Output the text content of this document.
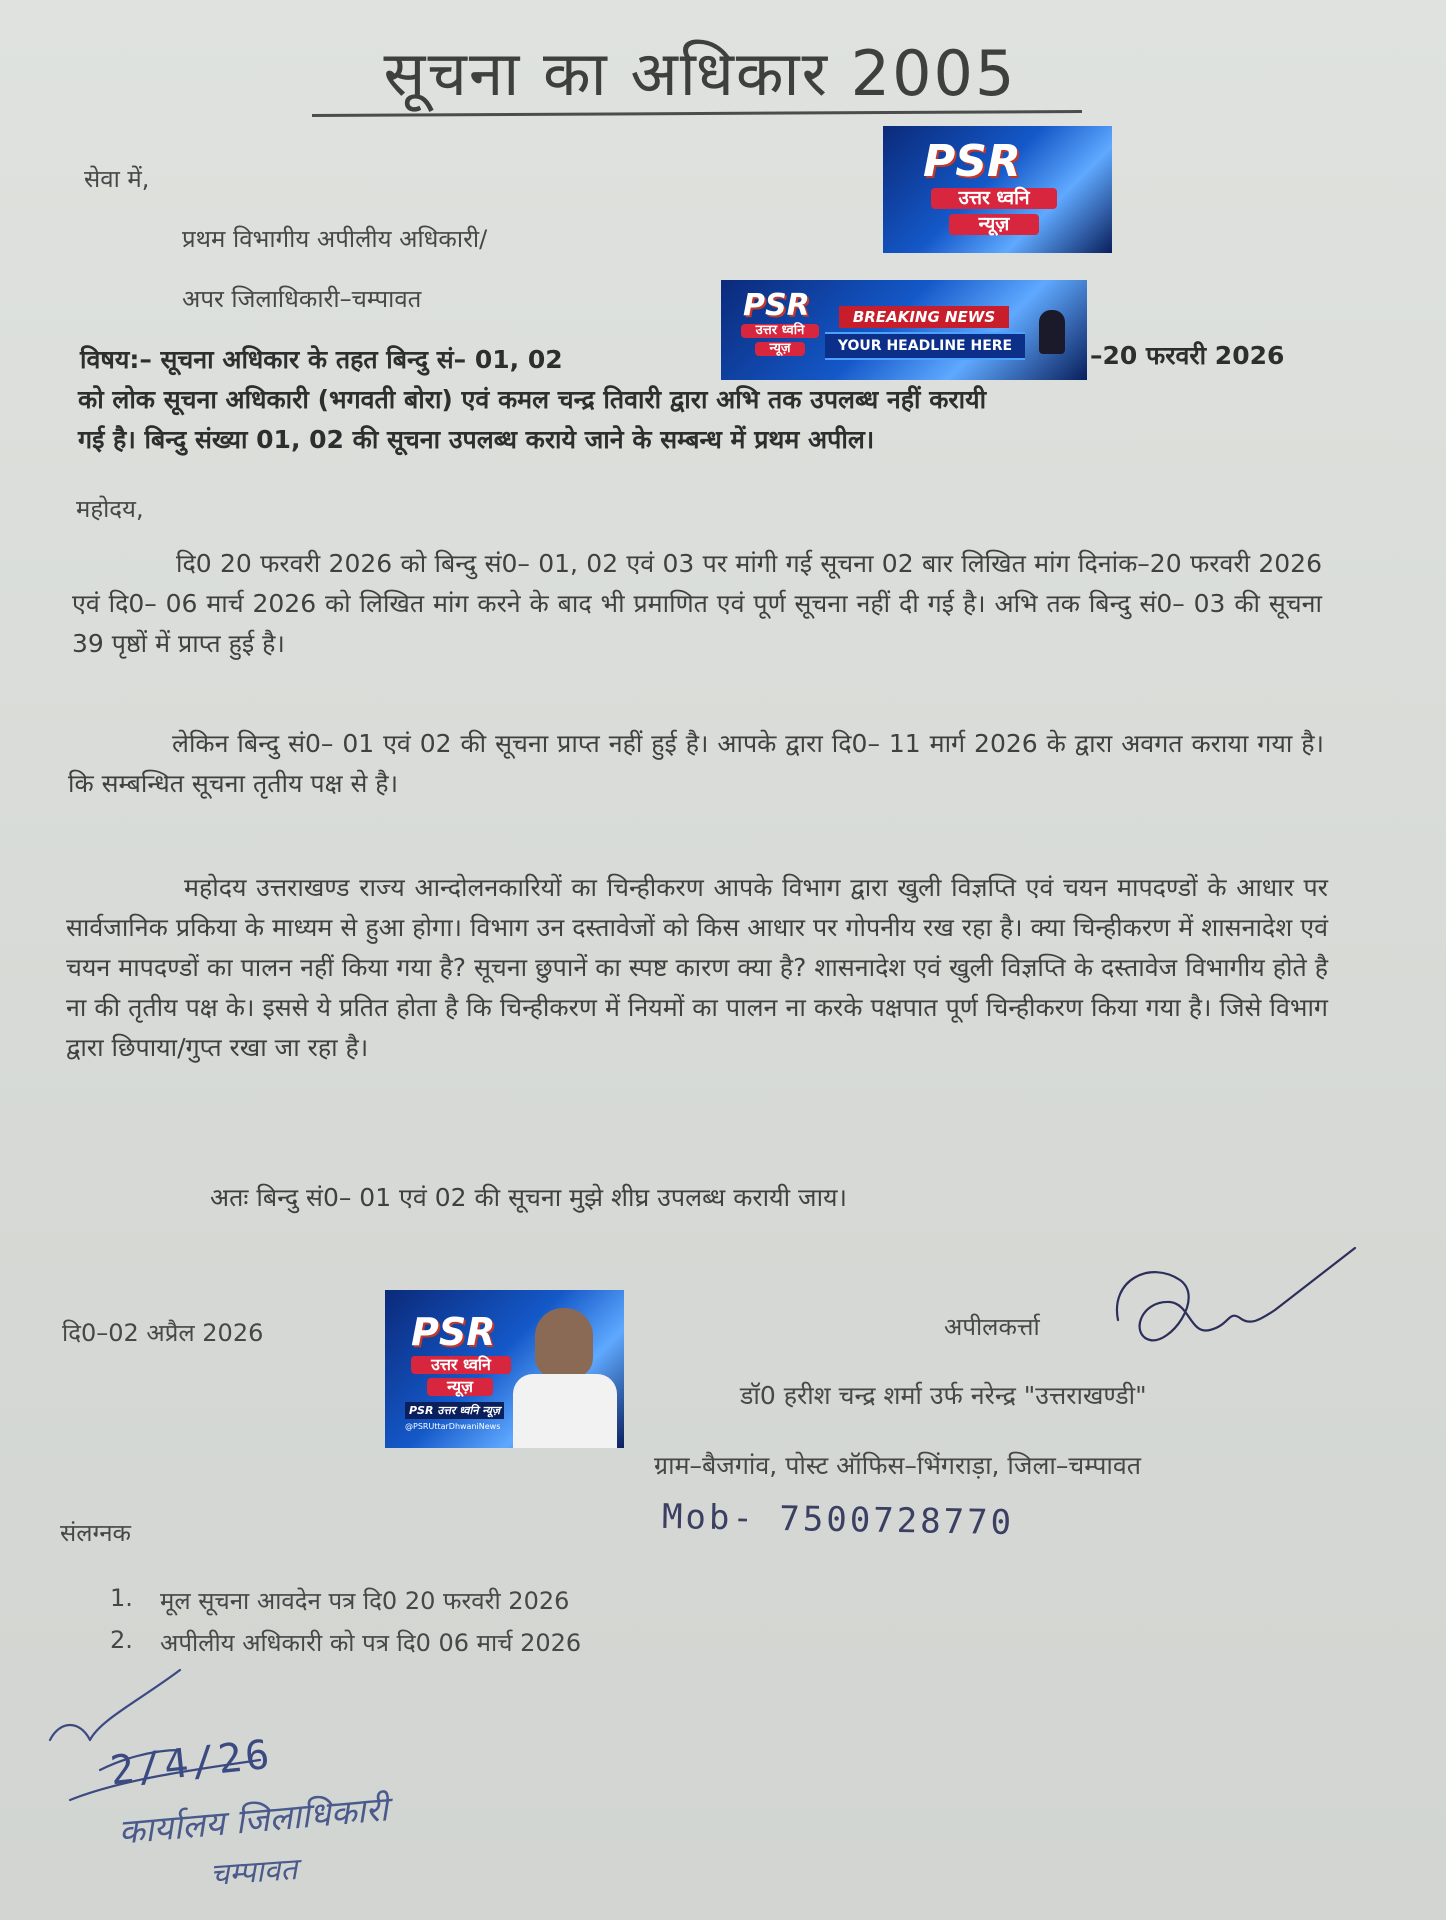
सूचना का अधिकार 2005
सेवा में,
प्रथम विभागीय अपीलीय अधिकारी/
अपर जिलाधिकारी–चम्पावत
PSR
उत्तर ध्वनि
न्यूज़
PSR
उत्तर ध्वनि
न्यूज़
BREAKING NEWS
YOUR HEADLINE HERE
विषय:– सूचना अधिकार के तहत बिन्दु सं– 01, 02	–20 फरवरी 2026
को लोक सूचना अधिकारी (भगवती बोरा) एवं कमल चन्द्र तिवारी द्वारा अभि तक उपलब्ध नहीं करायी
गई है। बिन्दु संख्या 01, 02 की सूचना उपलब्ध कराये जाने के सम्बन्ध में प्रथम अपील।
महोदय,
दि0 20 फरवरी 2026 को बिन्दु सं0– 01, 02 एवं 03 पर मांगी गई सूचना 02 बार लिखित मांग दिनांक–20 फरवरी 2026 एवं दि0– 06 मार्च 2026 को लिखित मांग करने के बाद भी प्रमाणित एवं पूर्ण सूचना नहीं दी गई है। अभि तक बिन्दु सं0– 03 की सूचना 39 पृष्ठों में प्राप्त हुई है।
लेकिन बिन्दु सं0– 01 एवं 02 की सूचना प्राप्त नहीं हुई है। आपके द्वारा दि0– 11 मार्ग 2026 के द्वारा अवगत कराया गया है। कि सम्बन्धित सूचना तृतीय पक्ष से है।
महोदय उत्तराखण्ड राज्य आन्दोलनकारियों का चिन्हीकरण आपके विभाग द्वारा खुली विज्ञप्ति एवं चयन मापदण्डों के आधार पर सार्वजानिक प्रकिया के माध्यम से हुआ होगा। विभाग उन दस्तावेजों को किस आधार पर गोपनीय रख रहा है। क्या चिन्हीकरण में शासनादेश एवं चयन मापदण्डों का पालन नहीं किया गया है? सूचना छुपानें का स्पष्ट कारण क्या है? शासनादेश एवं खुली विज्ञप्ति के दस्तावेज विभागीय होते है ना की तृतीय पक्ष के। इससे ये प्रतित होता है कि चिन्हीकरण में नियमों का पालन ना करके पक्षपात पूर्ण चिन्हीकरण किया गया है। जिसे विभाग द्वारा छिपाया/गुप्त रखा जा रहा है।
अतः बिन्दु सं0– 01 एवं 02 की सूचना मुझे शीघ्र उपलब्ध करायी जाय।
दि0–02 अप्रैल 2026	PSR
उत्तर ध्वनि
न्यूज़
PSR उत्तर ध्वनि न्यूज़
@PSRUttarDhwaniNews
अपीलकर्त्ता
डॉ0 हरीश चन्द्र शर्मा उर्फ नरेन्द्र "उत्तराखण्डी"
ग्राम–बैजगांव, पोस्ट ऑफिस–भिंगराड़ा, जिला–चम्पावत
Mob- 7500728770
संलग्नक
1. मूल सूचना आवदेन पत्र दि0 20 फरवरी 2026
2. अपीलीय अधिकारी को पत्र दि0 06 मार्च 2026
2/4/26
कार्यालय जिलाधिकारी
चम्पावत
